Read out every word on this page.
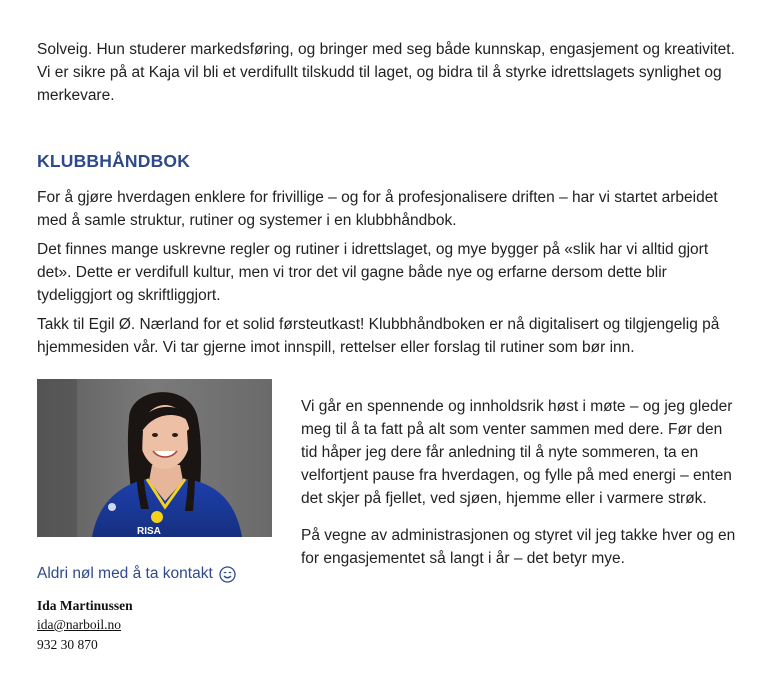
Solveig. Hun studerer markedsføring, og bringer med seg både kunnskap, engasjement og kreativitet. Vi er sikre på at Kaja vil bli et verdifullt tilskudd til laget, og bidra til å styrke idrettslagets synlighet og merkevare.

KLUBBHÅNDBOK

For å gjøre hverdagen enklere for frivillige – og for å profesjonalisere driften – har vi startet arbeidet med å samle struktur, rutiner og systemer i en klubbhåndbok.

Det finnes mange uskrevne regler og rutiner i idrettslaget, og mye bygger på «slik har vi alltid gjort det». Dette er verdifull kultur, men vi tror det vil gagne både nye og erfarne dersom dette blir tydeliggjort og skriftliggjort.

Takk til Egil Ø. Nærland for et solid førsteutkast! Klubbhåndboken er nå digitalisert og tilgjengelig på hjemmesiden vår. Vi tar gjerne imot innspill, rettelser eller forslag til rutiner som bør inn.

RISA

Vi går en spennende og innholdsrik høst i møte – og jeg gleder meg til å ta fatt på alt som venter sammen med dere. Før den tid håper jeg dere får anledning til å nyte sommeren, ta en velfortjent pause fra hverdagen, og fylle på med energi – enten det skjer på fjellet, ved sjøen, hjemme eller i varmere strøk.

På vegne av administrasjonen og styret vil jeg takke hver og en for engasjementet så langt i år – det betyr mye.

Aldri nøl med å ta kontakt
Ida Martinussen
ida@narboil.no
932 30 870
